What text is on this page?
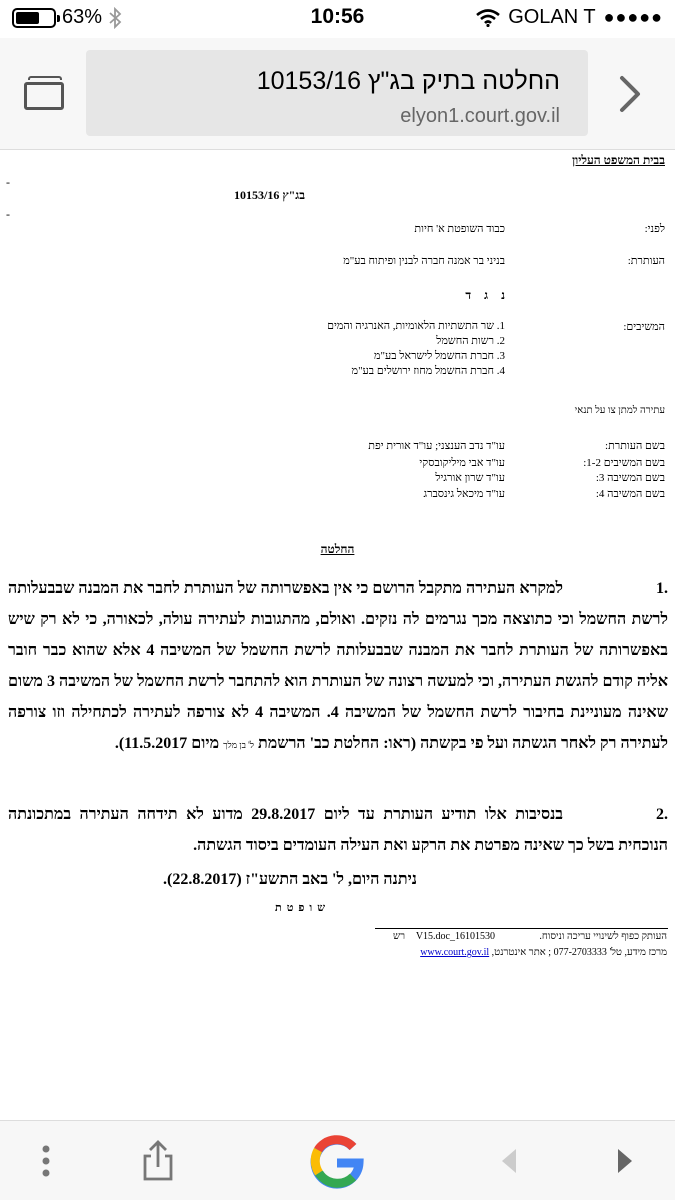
63%	10:56	GOLAN T ●●●●●
החלטה בתיק בג"ץ 10153/16
elyon1.court.gov.il
בבית המשפט העליון
-
-
בג"ץ 10153/16
לפני:
כבוד השופטת א' חיות
העותרת:
בניני בר אמנה חברה לבנין ופיתוח בע"מ
נ ג ד
המשיבים:
1. שר התשתיות הלאומיות, האנרגיה והמים
2. רשות החשמל
3. חברת החשמל לישראל בע"מ
4. חברת החשמל מחוז ירושלים בע"מ
עתירה למתן צו על תנאי
בשם העותרת:
עו"ד נדב הענצני; עו"ד אורית יפת
בשם המשיבים 1-2:
עו"ד אבי מיליקובסקי
בשם המשיבה 3:
עו"ד שרון אורגיל
בשם המשיבה 4:
עו"ד מיכאל גינסברג
החלטה
.1למקרא העתירה מתקבל הרושם כי אין באפשרותה של העותרת לחבר את המבנה שבבעלותה לרשת החשמל וכי כתוצאה מכך נגרמים לה נזקים. ואולם, מהתגובות לעתירה עולה, לכאורה, כי לא רק שיש באפשרותה של העותרת לחבר את המבנה שבבעלותה לרשת החשמל של המשיבה 4 אלא שהוא כבר חובר אליה קודם להגשת העתירה, וכי למעשה רצונה של העותרת הוא להתחבר לרשת החשמל של המשיבה 3 משום שאינה מעוניינת בחיבור לרשת החשמל של המשיבה 4. המשיבה 4 לא צורפה לעתירה לכתחילה וזו צורפה לעתירה רק לאחר הגשתה ועל פי בקשתה (ראו: החלטת כב' הרשמת ל' בן מלך מיום 11.5.2017).
.2בנסיבות אלו תודיע העותרת עד ליום 29.8.2017 מדוע לא תידחה העתירה במתכונתה הנוכחית בשל כך שאינה מפרטת את הרקע ואת העילה העומדים ביסוד הגשתה.
ניתנה היום, ל' באב התשע"ז (22.8.2017).
שופטת
העותק כפוף לשינויי עריכה וניסוח.
16101530_V15.doc
רש
מרכז מידע, טל' 077-2703333 ; אתר אינטרנט, www.court.gov.il
